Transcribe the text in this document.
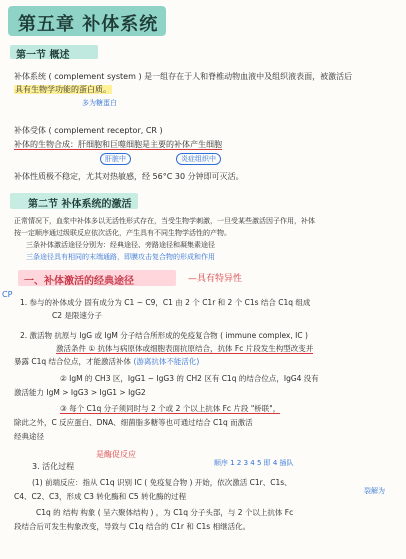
第五章 补体系统
第一节 概述
补体系统 ( complement system ) 是一组存在于人和脊椎动物血液中及组织液表面，被激活后
具有生物学功能的蛋白质。
多为糖蛋白
补体受体 ( complement receptor, CR )
补体的生物合成：肝细胞和巨噬细胞是主要的补体产生细胞
肝脏中	炎症组织中
补体性质极不稳定，尤其对热敏感，经 56°C 30 分钟即可灭活。
第二节 补体系统的激活
正常情况下，血浆中补体多以无活性形式存在，当受生物学刺激，一旦受某些激活因子作用，补体
按一定顺序通过级联反应依次活化，产生具有不同生物学活性的产物。
三条补体激活途径分别为：经典途径、旁路途径和凝集素途径
三条途径具有相同的末端通路，即膜攻击复合物的形成和作用
一、补体激活的经典途径	—具有特异性
CP
1. 参与的补体成分 固有成分为 C1 ~ C9，C1 由 2 个 C1r 和 2 个 C1s 结合 C1q 组成
C2 是限速分子
2. 激活物 抗原与 IgG 或 IgM 分子结合所形成的免疫复合物 ( immune complex, IC )
激活条件 ① 抗体与病原体或细胞表面抗原结合，抗体 Fc 片段发生构型改变并
暴露 C1q 结合位点，才能激活补体 (游离抗体不能活化)
② IgM 的 CH3 区，IgG1 ~ IgG3 的 CH2 区有 C1q 的结合位点，IgG4 没有
激活能力 IgM > IgG3 > IgG1 > IgG2
③ 每个 C1q 分子须同时与 2 个或 2 个以上抗体 Fc 片段 "桥联"，
除此之外，C 反应蛋白、DNA、细菌脂多糖等也可通过结合 C1q 而激活
经典途径
3. 活化过程
是酶促反应
顺序 1 2 3 4 5 即 4 插队
(1) 前端反应：指从 C1q 识别 IC ( 免疫复合物 ) 开始，依次激活 C1r、C1s、
C4、C2、C3，形成 C3 转化酶和 C5 转化酶的过程
裂解为
C1q 的 结构 构象 ( 呈六聚体结构 ) ，为 C1q 分子头部，与 2 个以上抗体 Fc
段结合后可发生构象改变，导致与 C1q 结合的 C1r 和 C1s 相继活化。
